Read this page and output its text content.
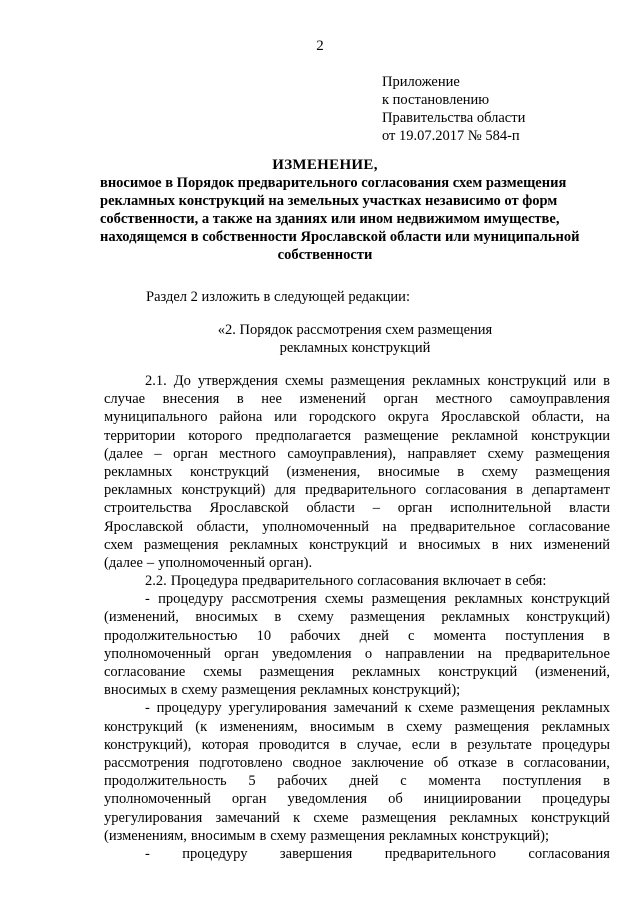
2
Приложение
к постановлению
Правительства области
от 19.07.2017 № 584-п
ИЗМЕНЕНИЕ,
вносимое в Порядок предварительного согласования схем размещения
рекламных конструкций на земельных участках независимо от форм
собственности, а также на зданиях или ином недвижимом имуществе,
находящемся в собственности Ярославской области или муниципальной
собственности
Раздел 2 изложить в следующей редакции:
«2. Порядок рассмотрения схем размещения
рекламных конструкций
2.1. До утверждения схемы размещения рекламных конструкций или в
случае внесения в нее изменений орган местного самоуправления
муниципального района или городского округа Ярославской области, на
территории которого предполагается размещение рекламной конструкции
(далее – орган местного самоуправления), направляет схему размещения
рекламных конструкций (изменения, вносимые в схему размещения
рекламных конструкций) для предварительного согласования в департамент
строительства Ярославской области – орган исполнительной власти
Ярославской области, уполномоченный на предварительное согласование
схем размещения рекламных конструкций и вносимых в них изменений
(далее – уполномоченный орган).
2.2. Процедура предварительного согласования включает в себя:
- процедуру рассмотрения схемы размещения рекламных конструкций
(изменений, вносимых в схему размещения рекламных конструкций)
продолжительностью 10 рабочих дней с момента поступления в
уполномоченный орган уведомления о направлении на предварительное
согласование схемы размещения рекламных конструкций (изменений,
вносимых в схему размещения рекламных конструкций);
- процедуру урегулирования замечаний к схеме размещения рекламных
конструкций (к изменениям, вносимым в схему размещения рекламных
конструкций), которая проводится в случае, если в результате процедуры
рассмотрения подготовлено сводное заключение об отказе в согласовании,
продолжительность 5 рабочих дней с момента поступления в
уполномоченный орган уведомления об инициировании процедуры
урегулирования замечаний к схеме размещения рекламных конструкций
(изменениям, вносимым в схему размещения рекламных конструкций);
- процедуру завершения предварительного согласования
